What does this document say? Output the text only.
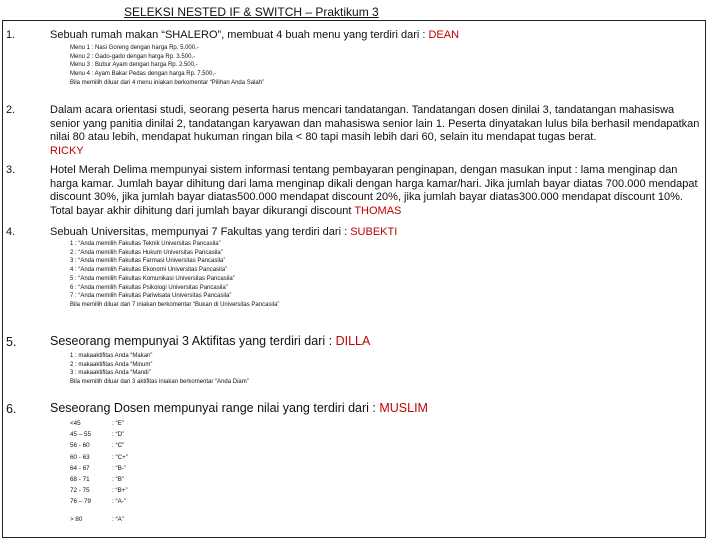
SELEKSI NESTED IF & SWITCH – Praktikum 3
1.	Sebuah rumah makan “SHALERO”, membuat 4 buah menu yang terdiri dari : DEAN
Menu 1 : Nasi Goreng dengan harga Rp. 5.000,-
Menu 2 : Gado-gado dengan harga Rp. 3.500,-
Menu 3 : Bubur Ayam dengan harga Rp. 2.500,-
Menu 4 : Ayam Bakar Pedas dengan harga Rp. 7.500,-
Bila memilih diluar dari 4 menu iniakan berkomentar “Pilihan Anda Salah”
2.	Dalam acara orientasi studi, seorang peserta harus mencari tandatangan. Tandatangan dosen dinilai 3, tandatangan mahasiswa senior yang panitia dinilai 2, tandatangan karyawan dan mahasiswa senior lain 1. Peserta dinyatakan lulus bila berhasil mendapatkan nilai 80 atau lebih, mendapat hukuman ringan bila < 80 tapi masih lebih dari 60, selain itu mendapat tugas berat.
RICKY
3.	Hotel Merah Delima mempunyai sistem informasi tentang pembayaran penginapan, dengan masukan input : lama menginap dan harga kamar. Jumlah bayar dihitung dari lama menginap dikali dengan harga kamar/hari. Jika jumlah bayar diatas 700.000 mendapat discount 30%, jika jumlah bayar diatas500.000 mendapat discount 20%, jika jumlah bayar diatas300.000 mendapat discount 10%. Total bayar akhir dihitung dari jumlah bayar dikurangi discount THOMAS
4.	Sebuah Universitas, mempunyai 7 Fakultas yang terdiri dari : SUBEKTI
1 : “Anda memilih Fakultas Teknik Universitas Pancasila”
2 : “Anda memilih Fakultas Hukum Universitas Pancasila”
3 : “Anda memilih Fakultas Farmasi Universitas Pancasila”
4 : “Anda memilih Fakultas Ekonomi Universitas Pancasila”
5 : “Anda memilih Fakultas Komunikasi Universitas Pancasila”
6 : “Anda memilih Fakultas Psikologi Universitas Pancasila”
7 : “Anda memilih Fakultas Pariwisata Universitas Pancasila”
Bila memilih diluar dari 7 iniakan berkomentar “Bukan di Universitas Pancasila”
5.	Seseorang mempunyai 3 Aktifitas yang terdiri dari : DILLA
1 : makaaktifitas Anda “Makan”
2 : makaaktifitas Anda “Minum”
3 : makaaktifitas Anda “Mandi”
Bila memilih diluar dari 3 aktifitas iniakan berkomentar “Anda Diam”
6.	Seseorang Dosen mempunyai range nilai yang terdiri dari : MUSLIM
<45	: “E”
45 – 55	: “D”
56 - 60	: “C”
60 - 63	: “C+”
64 - 67	: “B-”
68 - 71	: “B”
72 - 75	: “B+”
76 – 79	: “A-”
> 80	: “A”
